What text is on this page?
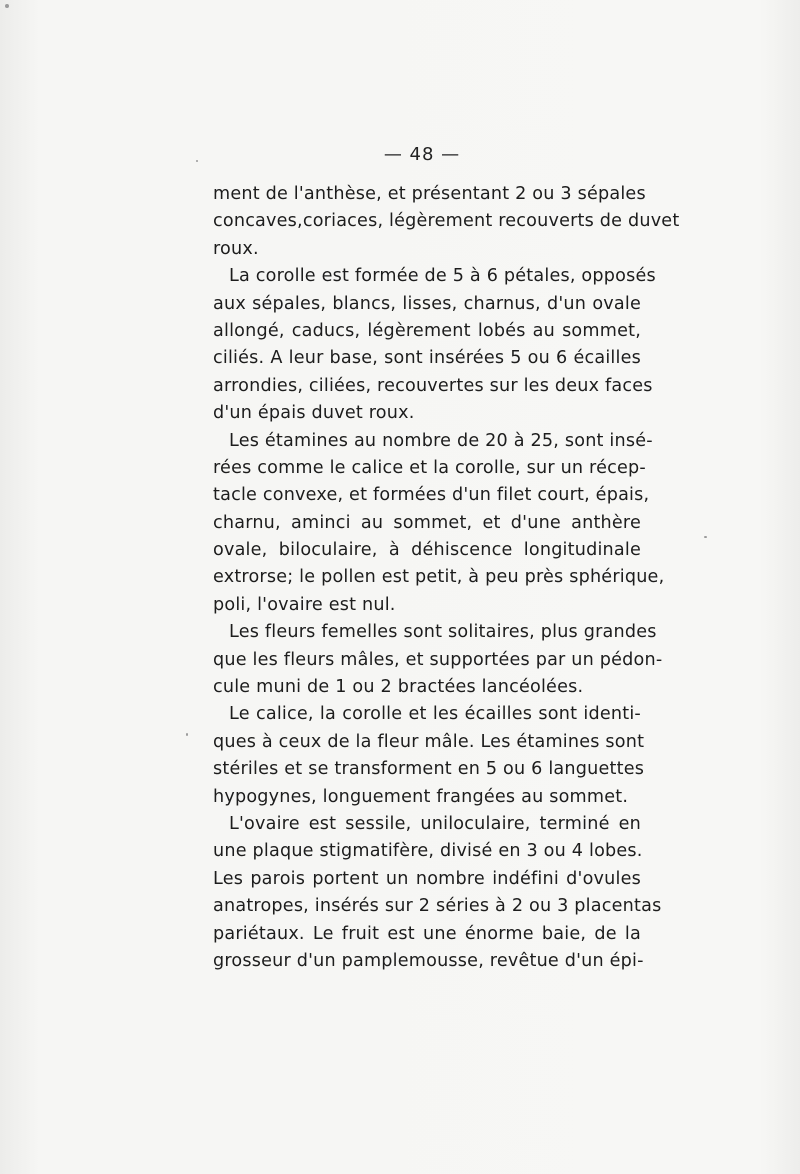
— 48 —
ment de l'anthèse, et présentant 2 ou 3 sépales
concaves,coriaces, légèrement recouverts de duvet
roux.
La corolle est formée de 5 à 6 pétales, opposés
aux sépales, blancs, lisses, charnus, d'un ovale
allongé, caducs, légèrement lobés au sommet,
ciliés. A leur base, sont insérées 5 ou 6 écailles
arrondies, ciliées, recouvertes sur les deux faces
d'un épais duvet roux.
Les étamines au nombre de 20 à 25, sont insé-
rées comme le calice et la corolle, sur un récep-
tacle convexe, et formées d'un filet court, épais,
charnu, aminci au sommet, et d'une anthère
ovale, biloculaire, à déhiscence longitudinale
extrorse; le pollen est petit, à peu près sphérique,
poli, l'ovaire est nul.
Les fleurs femelles sont solitaires, plus grandes
que les fleurs mâles, et supportées par un pédon-
cule muni de 1 ou 2 bractées lancéolées.
Le calice, la corolle et les écailles sont identi-
ques à ceux de la fleur mâle. Les étamines sont
stériles et se transforment en 5 ou 6 languettes
hypogynes, longuement frangées au sommet.
L'ovaire est sessile, uniloculaire, terminé en
une plaque stigmatifère, divisé en 3 ou 4 lobes.
Les parois portent un nombre indéfini d'ovules
anatropes, insérés sur 2 séries à 2 ou 3 placentas
pariétaux. Le fruit est une énorme baie, de la
grosseur d'un pamplemousse, revêtue d'un épi-
